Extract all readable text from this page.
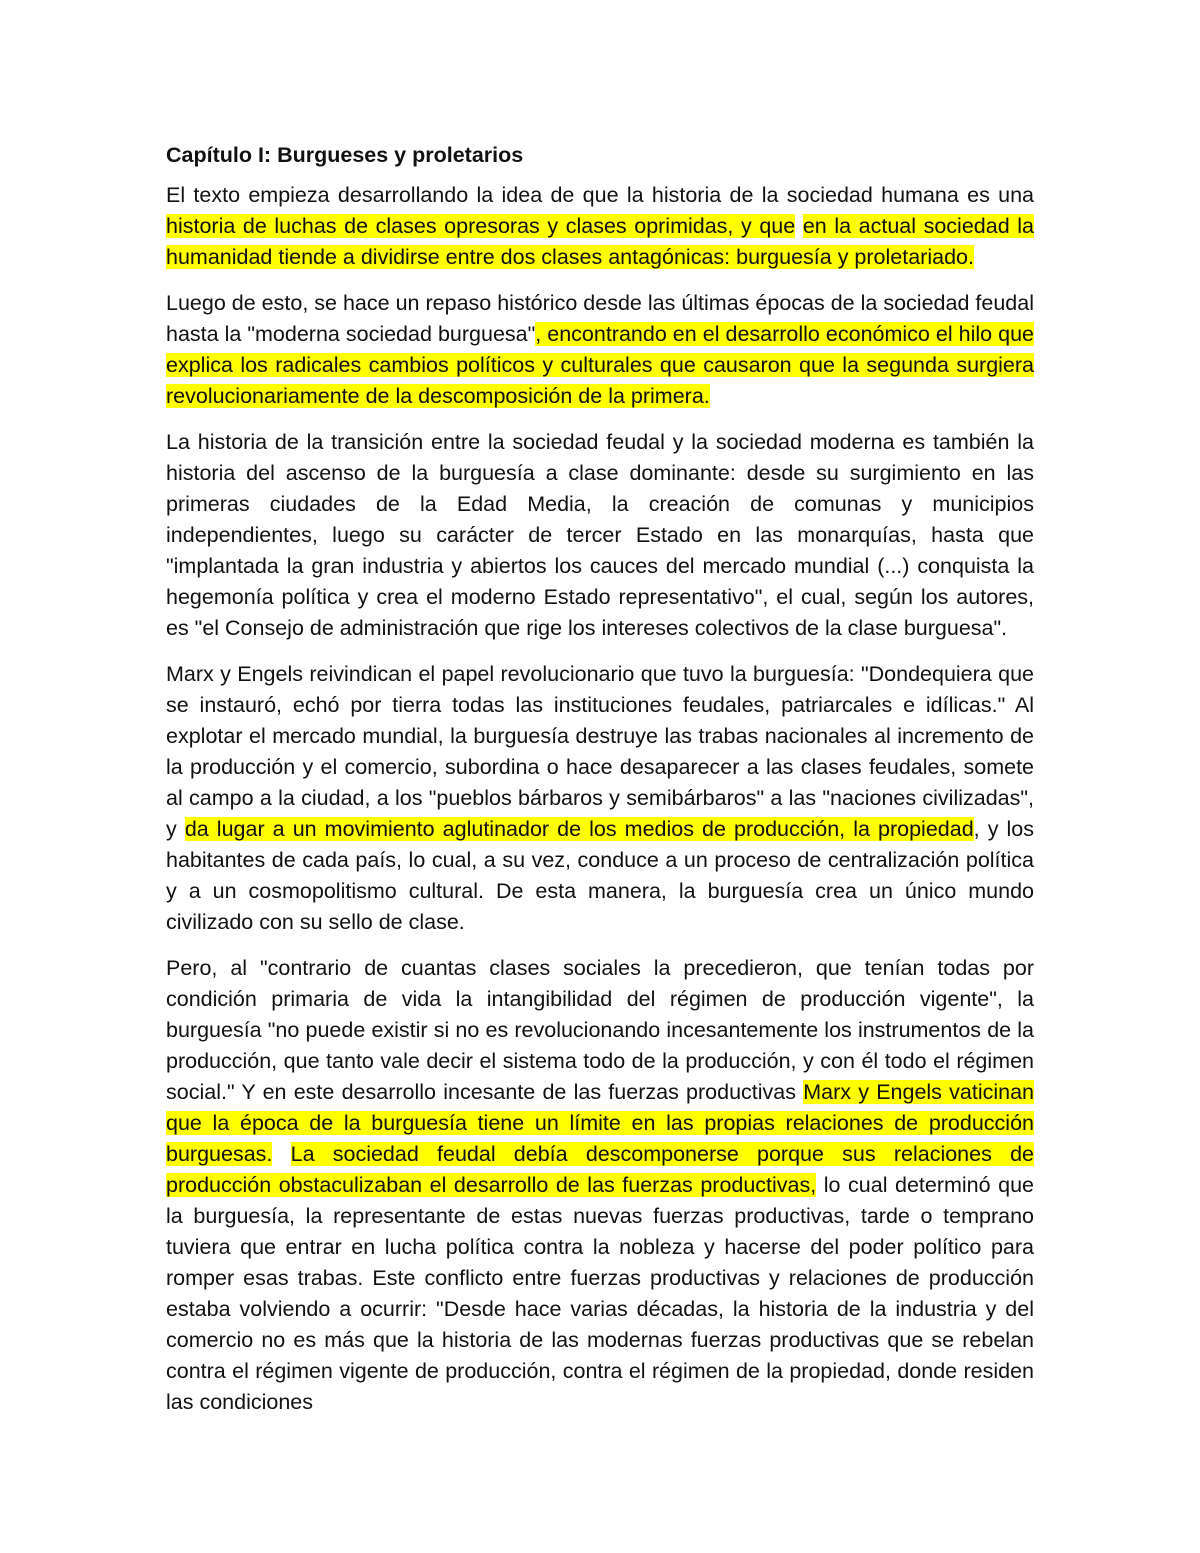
Capítulo I: Burgueses y proletarios

El texto empieza desarrollando la idea de que la historia de la sociedad humana es una historia de luchas de clases opresoras y clases oprimidas, y que en la actual sociedad la humanidad tiende a dividirse entre dos clases antagónicas: burguesía y proletariado.

Luego de esto, se hace un repaso histórico desde las últimas épocas de la sociedad feudal hasta la "moderna sociedad burguesa", encontrando en el desarrollo económico el hilo que explica los radicales cambios políticos y culturales que causaron que la segunda surgiera revolucionariamente de la descomposición de la primera.

La historia de la transición entre la sociedad feudal y la sociedad moderna es también la historia del ascenso de la burguesía a clase dominante: desde su surgimiento en las primeras ciudades de la Edad Media, la creación de comunas y municipios independientes, luego su carácter de tercer Estado en las monarquías, hasta que "implantada la gran industria y abiertos los cauces del mercado mundial (...) conquista la hegemonía política y crea el moderno Estado representativo", el cual, según los autores, es "el Consejo de administración que rige los intereses colectivos de la clase burguesa".

Marx y Engels reivindican el papel revolucionario que tuvo la burguesía: "Dondequiera que se instauró, echó por tierra todas las instituciones feudales, patriarcales e idílicas." Al explotar el mercado mundial, la burguesía destruye las trabas nacionales al incremento de la producción y el comercio, subordina o hace desaparecer a las clases feudales, somete al campo a la ciudad, a los "pueblos bárbaros y semibárbaros" a las "naciones civilizadas", y da lugar a un movimiento aglutinador de los medios de producción, la propiedad, y los habitantes de cada país, lo cual, a su vez, conduce a un proceso de centralización política y a un cosmopolitismo cultural. De esta manera, la burguesía crea un único mundo civilizado con su sello de clase.

Pero, al "contrario de cuantas clases sociales la precedieron, que tenían todas por condición primaria de vida la intangibilidad del régimen de producción vigente", la burguesía "no puede existir si no es revolucionando incesantemente los instrumentos de la producción, que tanto vale decir el sistema todo de la producción, y con él todo el régimen social." Y en este desarrollo incesante de las fuerzas productivas Marx y Engels vaticinan que la época de la burguesía tiene un límite en las propias relaciones de producción burguesas. La sociedad feudal debía descomponerse porque sus relaciones de producción obstaculizaban el desarrollo de las fuerzas productivas, lo cual determinó que la burguesía, la representante de estas nuevas fuerzas productivas, tarde o temprano tuviera que entrar en lucha política contra la nobleza y hacerse del poder político para romper esas trabas. Este conflicto entre fuerzas productivas y relaciones de producción estaba volviendo a ocurrir: "Desde hace varias décadas, la historia de la industria y del comercio no es más que la historia de las modernas fuerzas productivas que se rebelan contra el régimen vigente de producción, contra el régimen de la propiedad, donde residen las condiciones
